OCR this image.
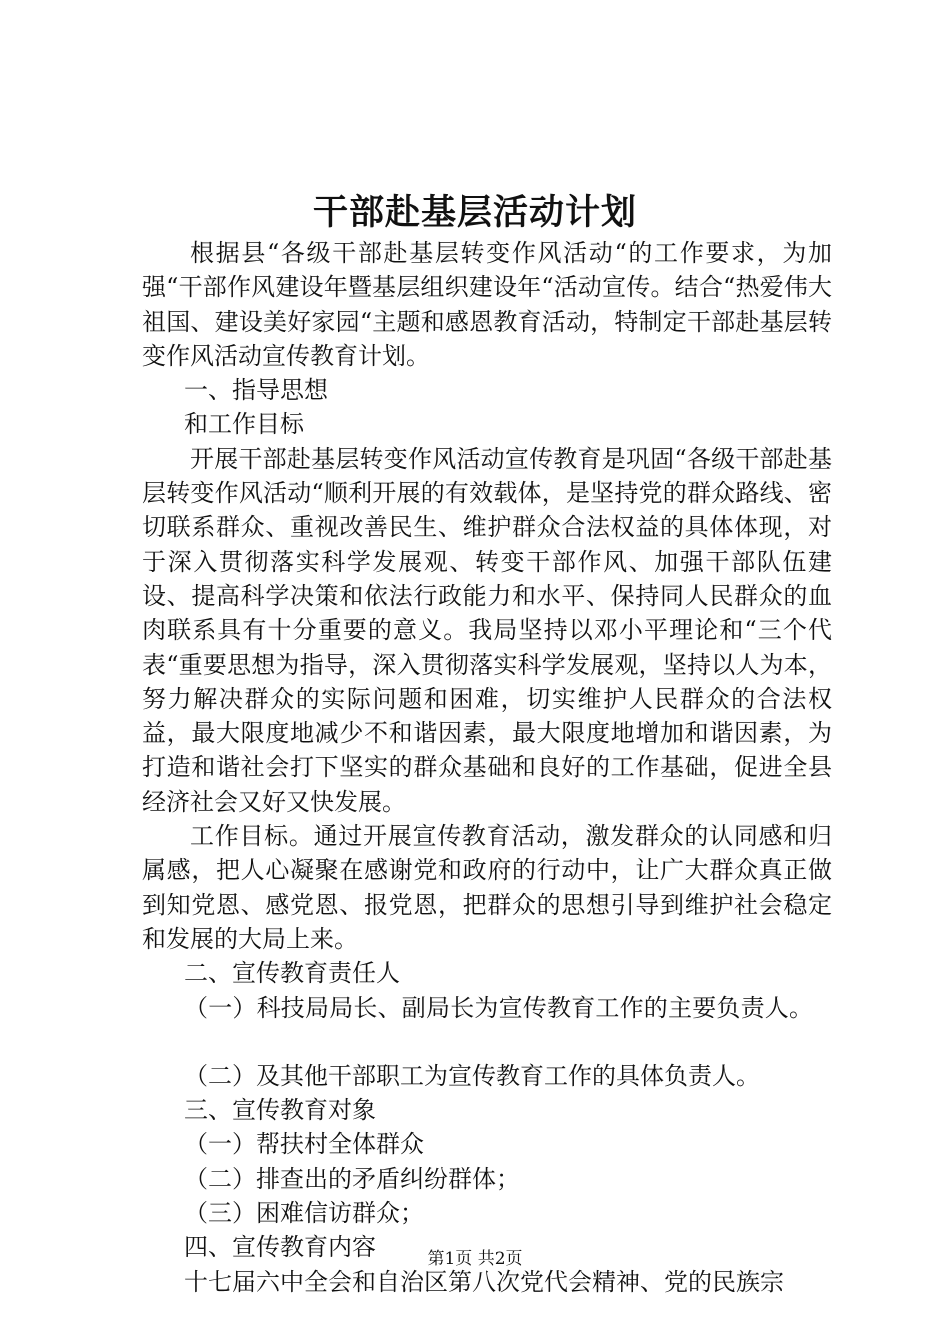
干部赴基层活动计划

根据县“各级干部赴基层转变作风活动“的工作要求，为加强“干部作风建设年暨基层组织建设年“活动宣传。结合“热爱伟大祖国、建设美好家园“主题和感恩教育活动，特制定干部赴基层转变作风活动宣传教育计划。

一、指导思想

和工作目标

开展干部赴基层转变作风活动宣传教育是巩固“各级干部赴基层转变作风活动“顺利开展的有效载体，是坚持党的群众路线、密切联系群众、重视改善民生、维护群众合法权益的具体体现，对于深入贯彻落实科学发展观、转变干部作风、加强干部队伍建设、提高科学决策和依法行政能力和水平、保持同人民群众的血肉联系具有十分重要的意义。我局坚持以邓小平理论和“三个代表“重要思想为指导，深入贯彻落实科学发展观，坚持以人为本，努力解决群众的实际问题和困难，切实维护人民群众的合法权益，最大限度地减少不和谐因素，最大限度地增加和谐因素，为打造和谐社会打下坚实的群众基础和良好的工作基础，促进全县经济社会又好又快发展。

工作目标。通过开展宣传教育活动，激发群众的认同感和归属感，把人心凝聚在感谢党和政府的行动中，让广大群众真正做到知党恩、感党恩、报党恩，把群众的思想引导到维护社会稳定和发展的大局上来。

二、宣传教育责任人

（一）科技局局长、副局长为宣传教育工作的主要负责人。

（二）及其他干部职工为宣传教育工作的具体负责人。

三、宣传教育对象

（一）帮扶村全体群众

（二）排查出的矛盾纠纷群体；

（三）困难信访群众；

四、宣传教育内容

十七届六中全会和自治区第八次党代会精神、党的民族宗

第1页 共2页
